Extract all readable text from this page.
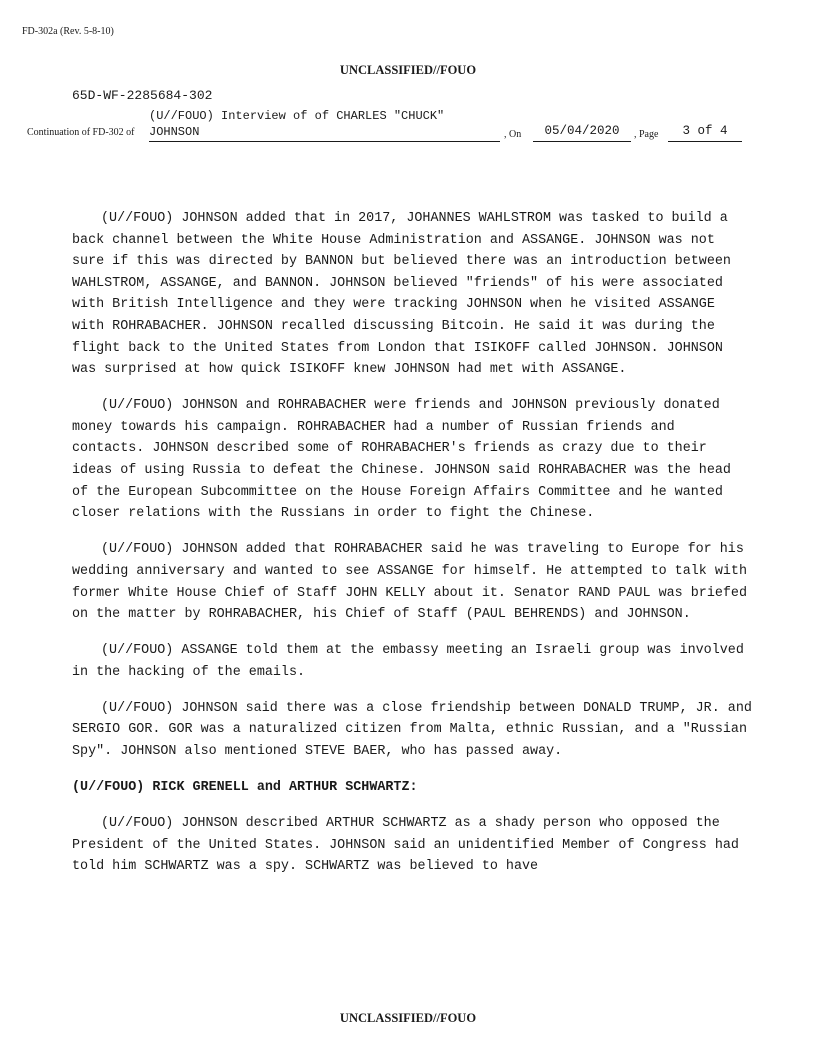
FD-302a (Rev. 5-8-10)
UNCLASSIFIED//FOUO
65D-WF-2285684-302
(U//FOUO) Interview of of CHARLES "CHUCK"
Continuation of FD-302 of JOHNSON	, On	05/04/2020	, Page	3 of 4

(U//FOUO) JOHNSON added that in 2017, JOHANNES WAHLSTROM was tasked to build a back channel between the White House Administration and ASSANGE. JOHNSON was not sure if this was directed by BANNON but believed there was an introduction between WAHLSTROM, ASSANGE, and BANNON. JOHNSON believed "friends" of his were associated with British Intelligence and they were tracking JOHNSON when he visited ASSANGE with ROHRABACHER. JOHNSON recalled discussing Bitcoin. He said it was during the flight back to the United States from London that ISIKOFF called JOHNSON. JOHNSON was surprised at how quick ISIKOFF knew JOHNSON had met with ASSANGE.

(U//FOUO) JOHNSON and ROHRABACHER were friends and JOHNSON previously donated money towards his campaign. ROHRABACHER had a number of Russian friends and contacts. JOHNSON described some of ROHRABACHER's friends as crazy due to their ideas of using Russia to defeat the Chinese. JOHNSON said ROHRABACHER was the head of the European Subcommittee on the House Foreign Affairs Committee and he wanted closer relations with the Russians in order to fight the Chinese.

(U//FOUO) JOHNSON added that ROHRABACHER said he was traveling to Europe for his wedding anniversary and wanted to see ASSANGE for himself. He attempted to talk with former White House Chief of Staff JOHN KELLY about it. Senator RAND PAUL was briefed on the matter by ROHRABACHER, his Chief of Staff (PAUL BEHRENDS) and JOHNSON.

(U//FOUO) ASSANGE told them at the embassy meeting an Israeli group was involved in the hacking of the emails.

(U//FOUO) JOHNSON said there was a close friendship between DONALD TRUMP, JR. and SERGIO GOR. GOR was a naturalized citizen from Malta, ethnic Russian, and a "Russian Spy". JOHNSON also mentioned STEVE BAER, who has passed away.

(U//FOUO) RICK GRENELL and ARTHUR SCHWARTZ:

(U//FOUO) JOHNSON described ARTHUR SCHWARTZ as a shady person who opposed the President of the United States. JOHNSON said an unidentified Member of Congress had told him SCHWARTZ was a spy. SCHWARTZ was believed to have

UNCLASSIFIED//FOUO
